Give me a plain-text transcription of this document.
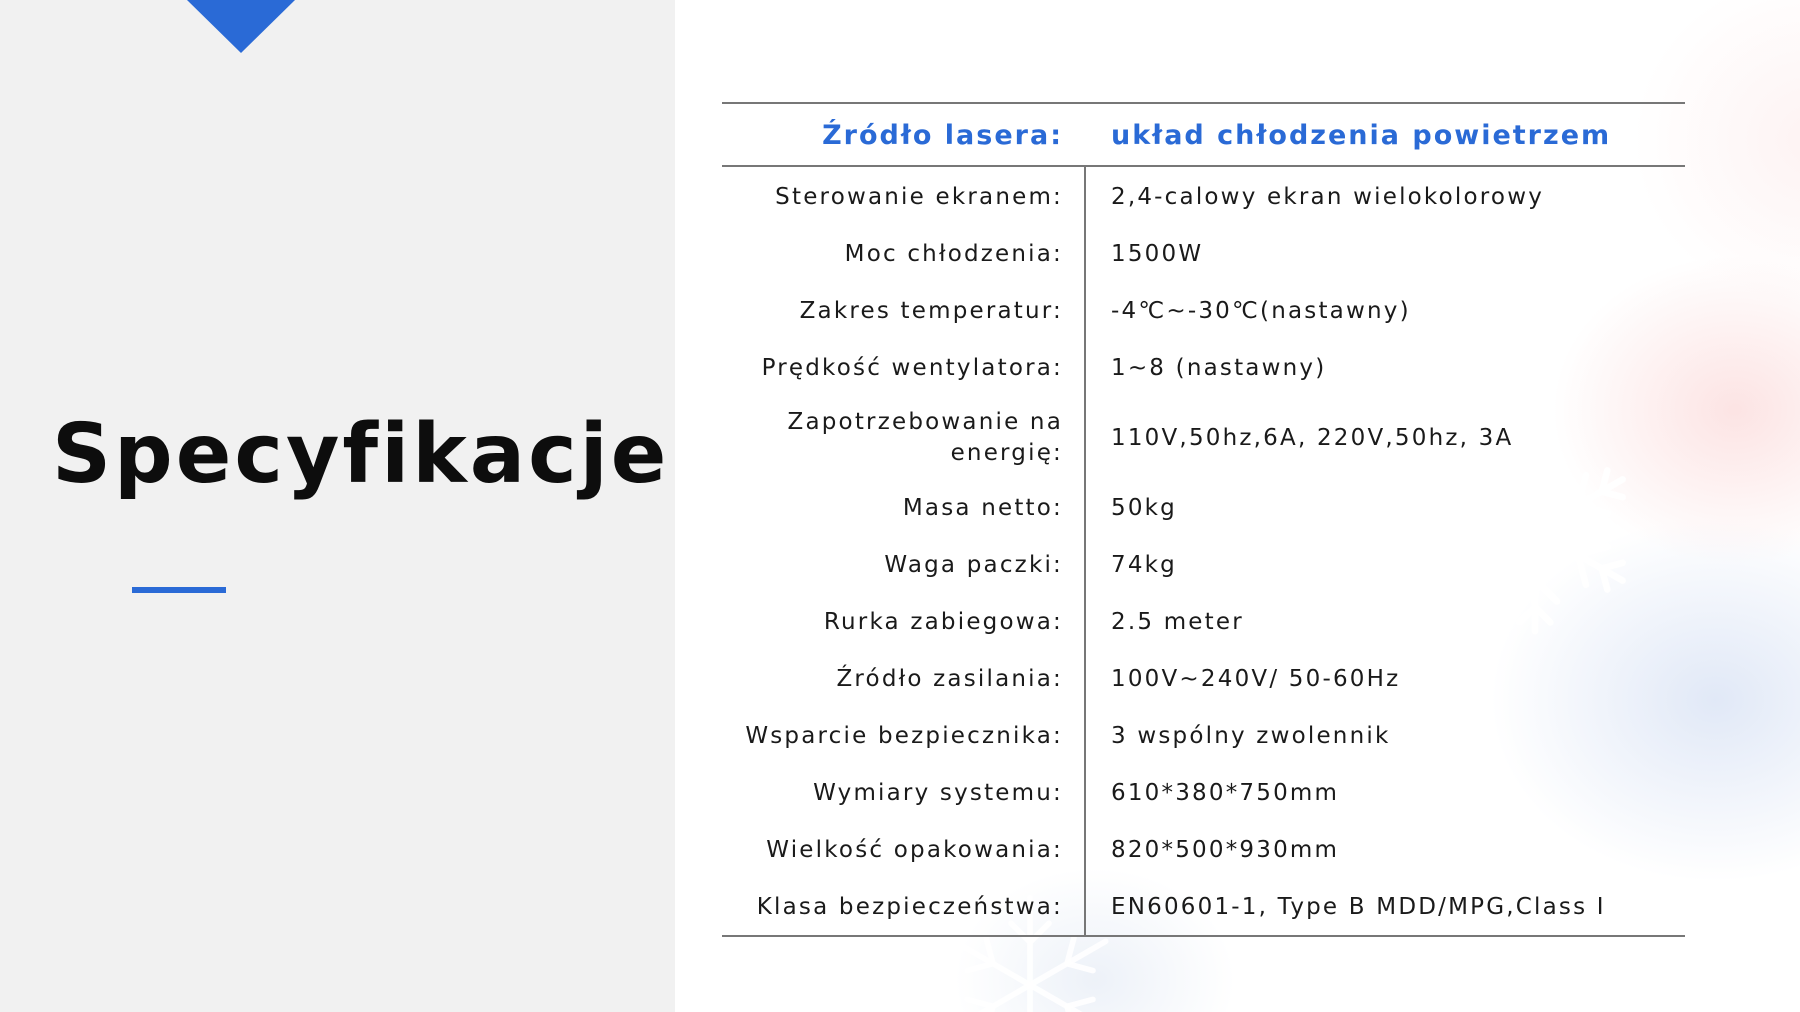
Specyfikacje
Źródło lasera: układ chłodzenia powietrzem
Sterowanie ekranem: 2,4-calowy ekran wielokolorowy
Moc chłodzenia: 1500W
Zakres temperatur: -4℃~-30℃(nastawny)
Prędkość wentylatora: 1~8 (nastawny)
Zapotrzebowanie na energię:
110V,50hz,6A, 220V,50hz, 3A
Masa netto: 50kg
Waga paczki: 74kg
Rurka zabiegowa: 2.5 meter
Źródło zasilania: 100V~240V/ 50-60Hz
Wsparcie bezpiecznika: 3 wspólny zwolennik
Wymiary systemu: 610*380*750mm
Wielkość opakowania: 820*500*930mm
Klasa bezpieczeństwa: EN60601-1, Type B MDD/MPG,Class I
